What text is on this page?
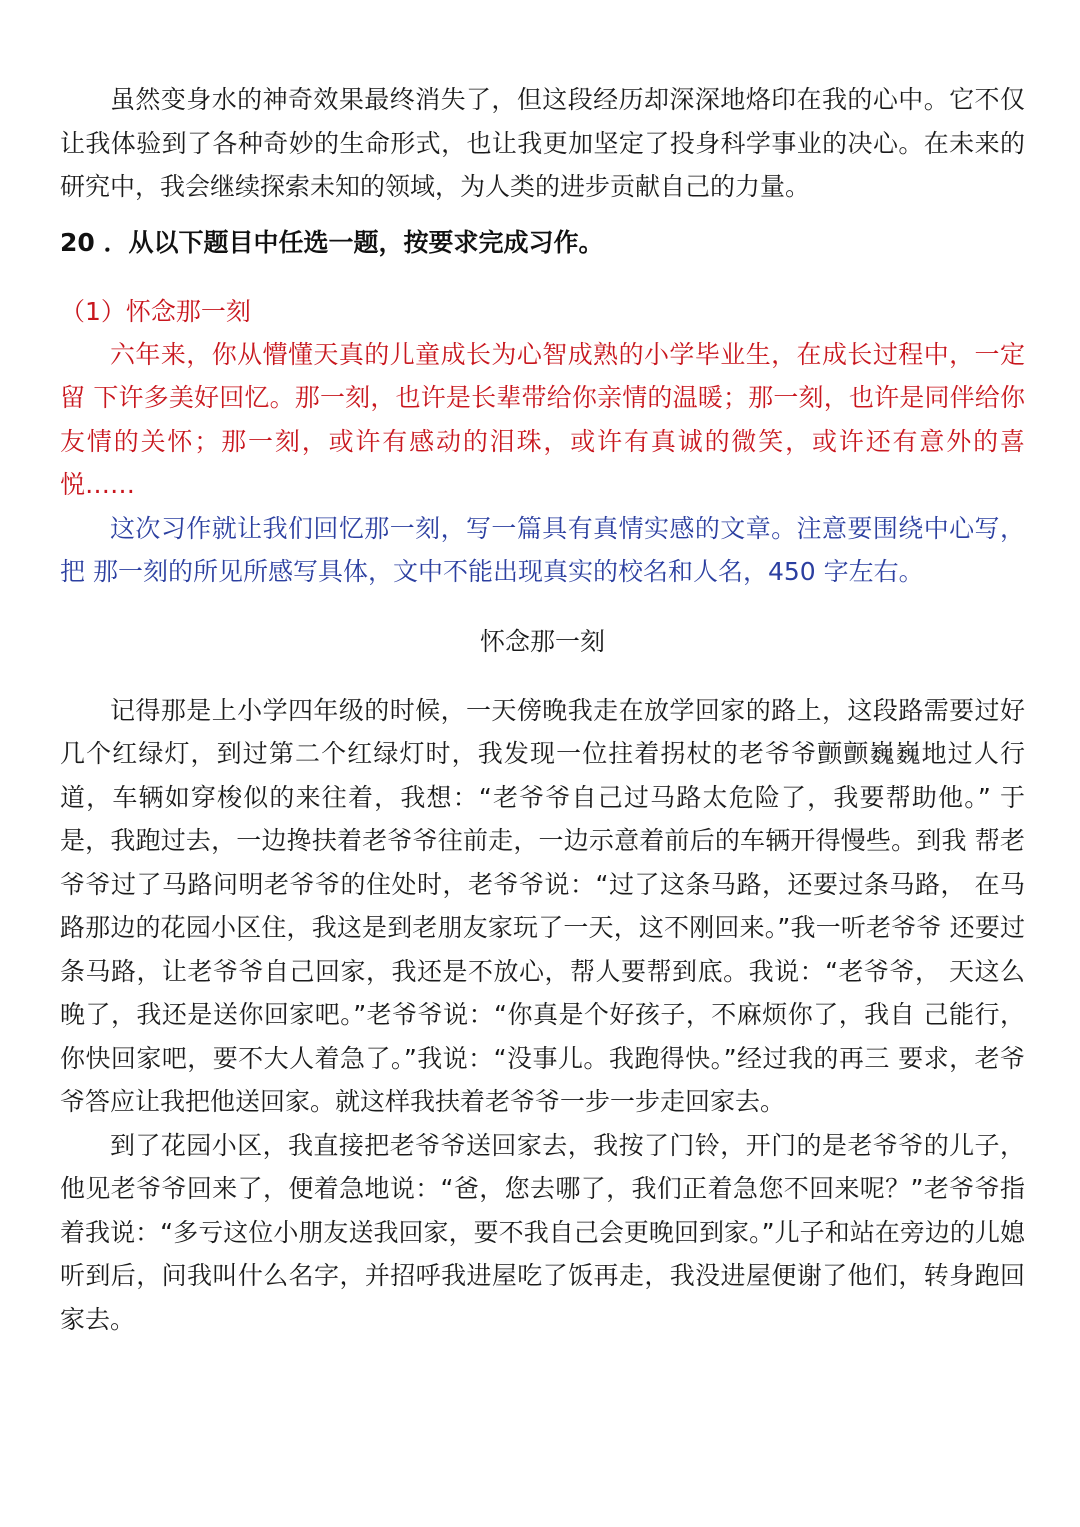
虽然变身水的神奇效果最终消失了，但这段经历却深深地烙印在我的心中。它不仅让我体验到了各种奇妙的生命形式，也让我更加坚定了投身科学事业的决心。在未来的研究中，我会继续探索未知的领域，为人类的进步贡献自己的力量。

20 ．从以下题目中任选一题，按要求完成习作。

（1）怀念那一刻

六年来，你从懵懂天真的儿童成长为心智成熟的小学毕业生，在成长过程中，一定留 下许多美好回忆。那一刻，也许是长辈带给你亲情的温暖；那一刻，也许是同伴给你 友情的关怀；那一刻，或许有感动的泪珠，或许有真诚的微笑，或许还有意外的喜悦……

这次习作就让我们回忆那一刻，写一篇具有真情实感的文章。注意要围绕中心写，把 那一刻的所见所感写具体，文中不能出现真实的校名和人名，450 字左右。

怀念那一刻

记得那是上小学四年级的时候，一天傍晚我走在放学回家的路上，这段路需要过好几个红绿灯，到过第二个红绿灯时，我发现一位拄着拐杖的老爷爷颤颤巍巍地过人行道，车辆如穿梭似的来往着，我想：“老爷爷自己过马路太危险了，我要帮助他。” 于是，我跑过去，一边搀扶着老爷爷往前走，一边示意着前后的车辆开得慢些。到我 帮老爷爷过了马路问明老爷爷的住处时，老爷爷说：“过了这条马路，还要过条马路， 在马路那边的花园小区住，我这是到老朋友家玩了一天，这不刚回来。”我一听老爷爷 还要过条马路，让老爷爷自己回家，我还是不放心，帮人要帮到底。我说：“老爷爷， 天这么晚了，我还是送你回家吧。”老爷爷说：“你真是个好孩子，不麻烦你了，我自 己能行，你快回家吧，要不大人着急了。”我说：“没事儿。我跑得快。”经过我的再三 要求，老爷爷答应让我把他送回家。就这样我扶着老爷爷一步一步走回家去。

到了花园小区，我直接把老爷爷送回家去，我按了门铃，开门的是老爷爷的儿子，他见老爷爷回来了，便着急地说：“爸，您去哪了，我们正着急您不回来呢？”老爷爷指着我说：“多亏这位小朋友送我回家，要不我自己会更晚回到家。”儿子和站在旁边的儿媳听到后，问我叫什么名字，并招呼我进屋吃了饭再走，我没进屋便谢了他们，转身跑回家去。
